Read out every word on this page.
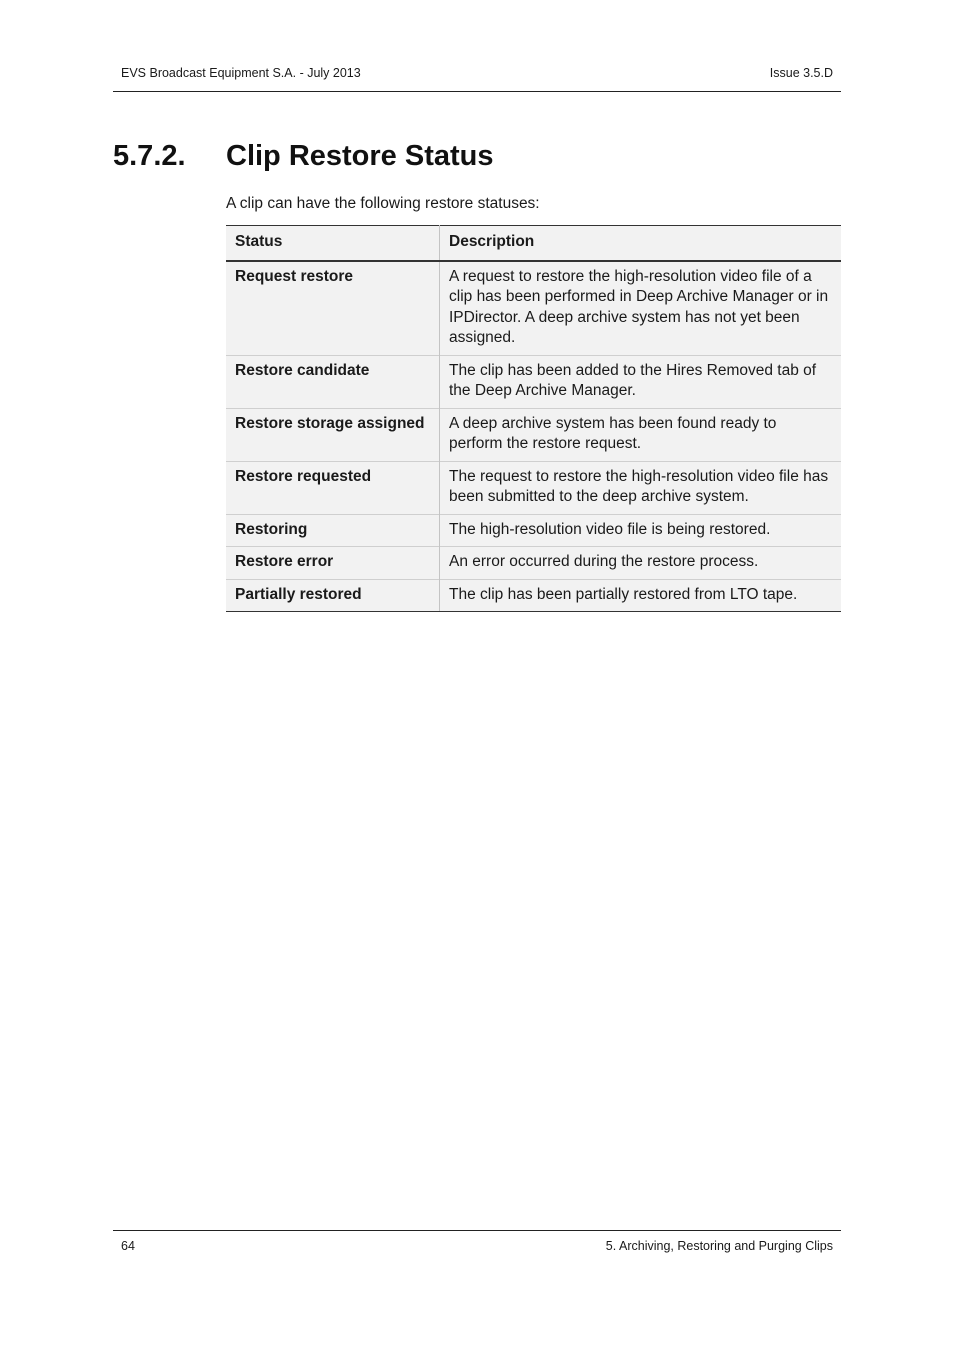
EVS Broadcast Equipment S.A. - July 2013	Issue 3.5.D
5.7.2. Clip Restore Status
A clip can have the following restore statuses:
Status	Description
Request restore	A request to restore the high-resolution video file of a clip has been performed in Deep Archive Manager or in IPDirector. A deep archive system has not yet been assigned.
Restore candidate	The clip has been added to the Hires Removed tab of the Deep Archive Manager.
Restore storage assigned	A deep archive system has been found ready to perform the restore request.
Restore requested	The request to restore the high-resolution video file has been submitted to the deep archive system.
Restoring	The high-resolution video file is being restored.
Restore error	An error occurred during the restore process.
Partially restored	The clip has been partially restored from LTO tape.
64	5. Archiving, Restoring and Purging Clips
